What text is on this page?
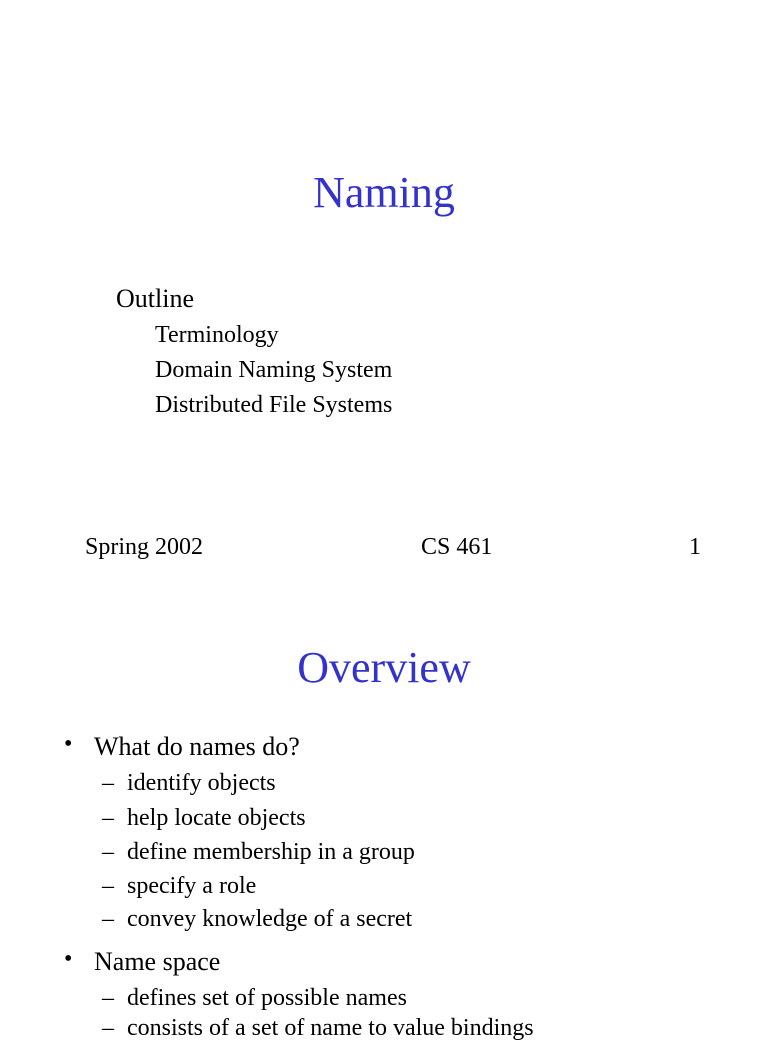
Naming
Outline
Terminology
Domain Naming System
Distributed File Systems
Spring 2002	CS 461	1
Overview
• What do names do?
– identify objects
– help locate objects
– define membership in a group
– specify a role
– convey knowledge of a secret
• Name space
– defines set of possible names
– consists of a set of name to value bindings
